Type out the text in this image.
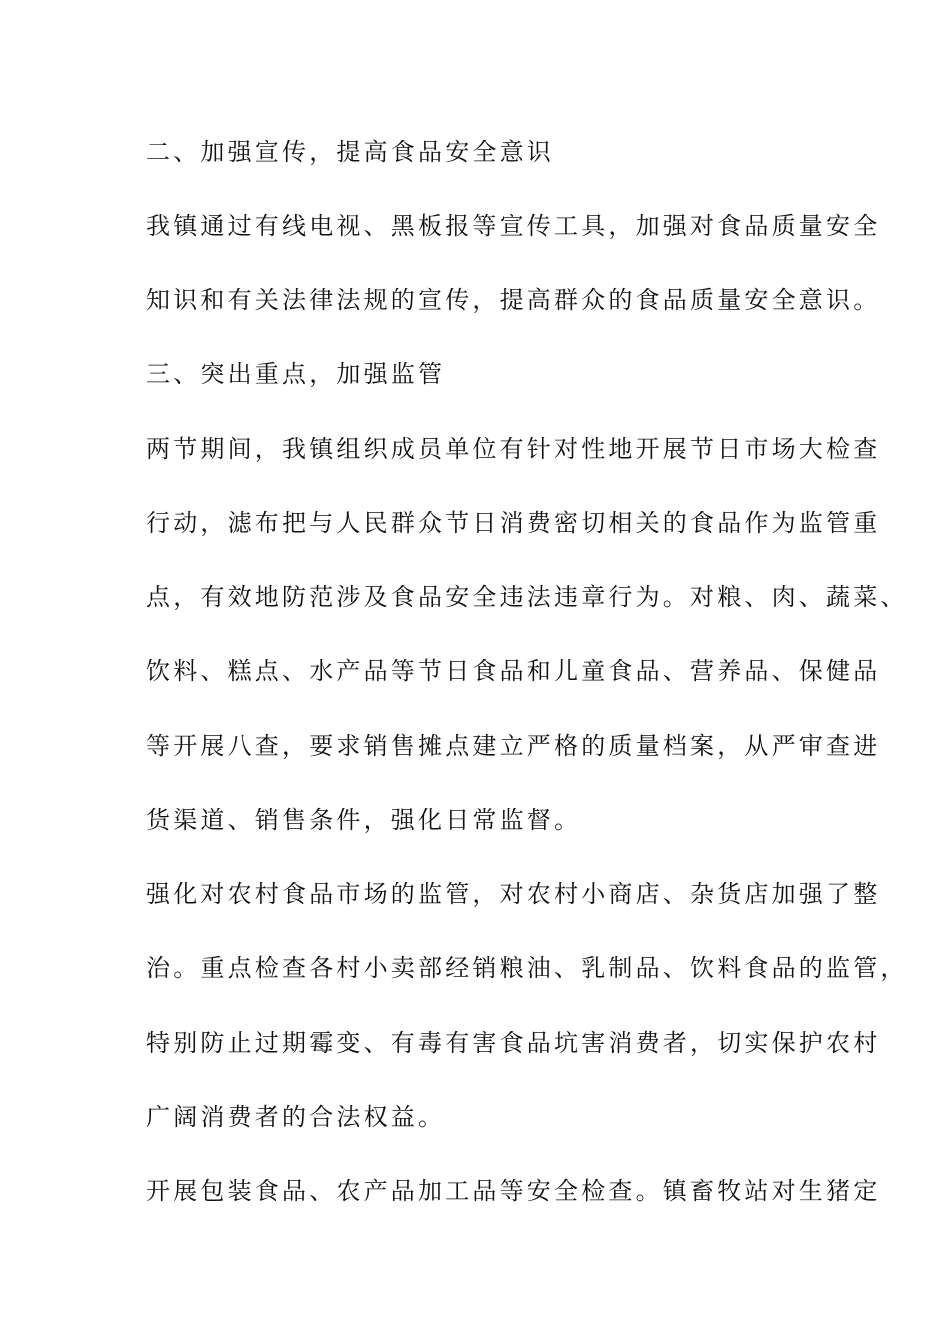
二、加强宣传，提高食品安全意识
我镇通过有线电视、黑板报等宣传工具，加强对食品质量安全
知识和有关法律法规的宣传，提高群众的食品质量安全意识。
三、突出重点，加强监管
两节期间，我镇组织成员单位有针对性地开展节日市场大检查
行动，滤布把与人民群众节日消费密切相关的食品作为监管重
点，有效地防范涉及食品安全违法违章行为。对粮、肉、蔬菜、
饮料、糕点、水产品等节日食品和儿童食品、营养品、保健品
等开展八查，要求销售摊点建立严格的质量档案，从严审查进
货渠道、销售条件，强化日常监督。
强化对农村食品市场的监管，对农村小商店、杂货店加强了整
治。重点检查各村小卖部经销粮油、乳制品、饮料食品的监管，
特别防止过期霉变、有毒有害食品坑害消费者，切实保护农村
广阔消费者的合法权益。
开展包装食品、农产品加工品等安全检查。镇畜牧站对生猪定
